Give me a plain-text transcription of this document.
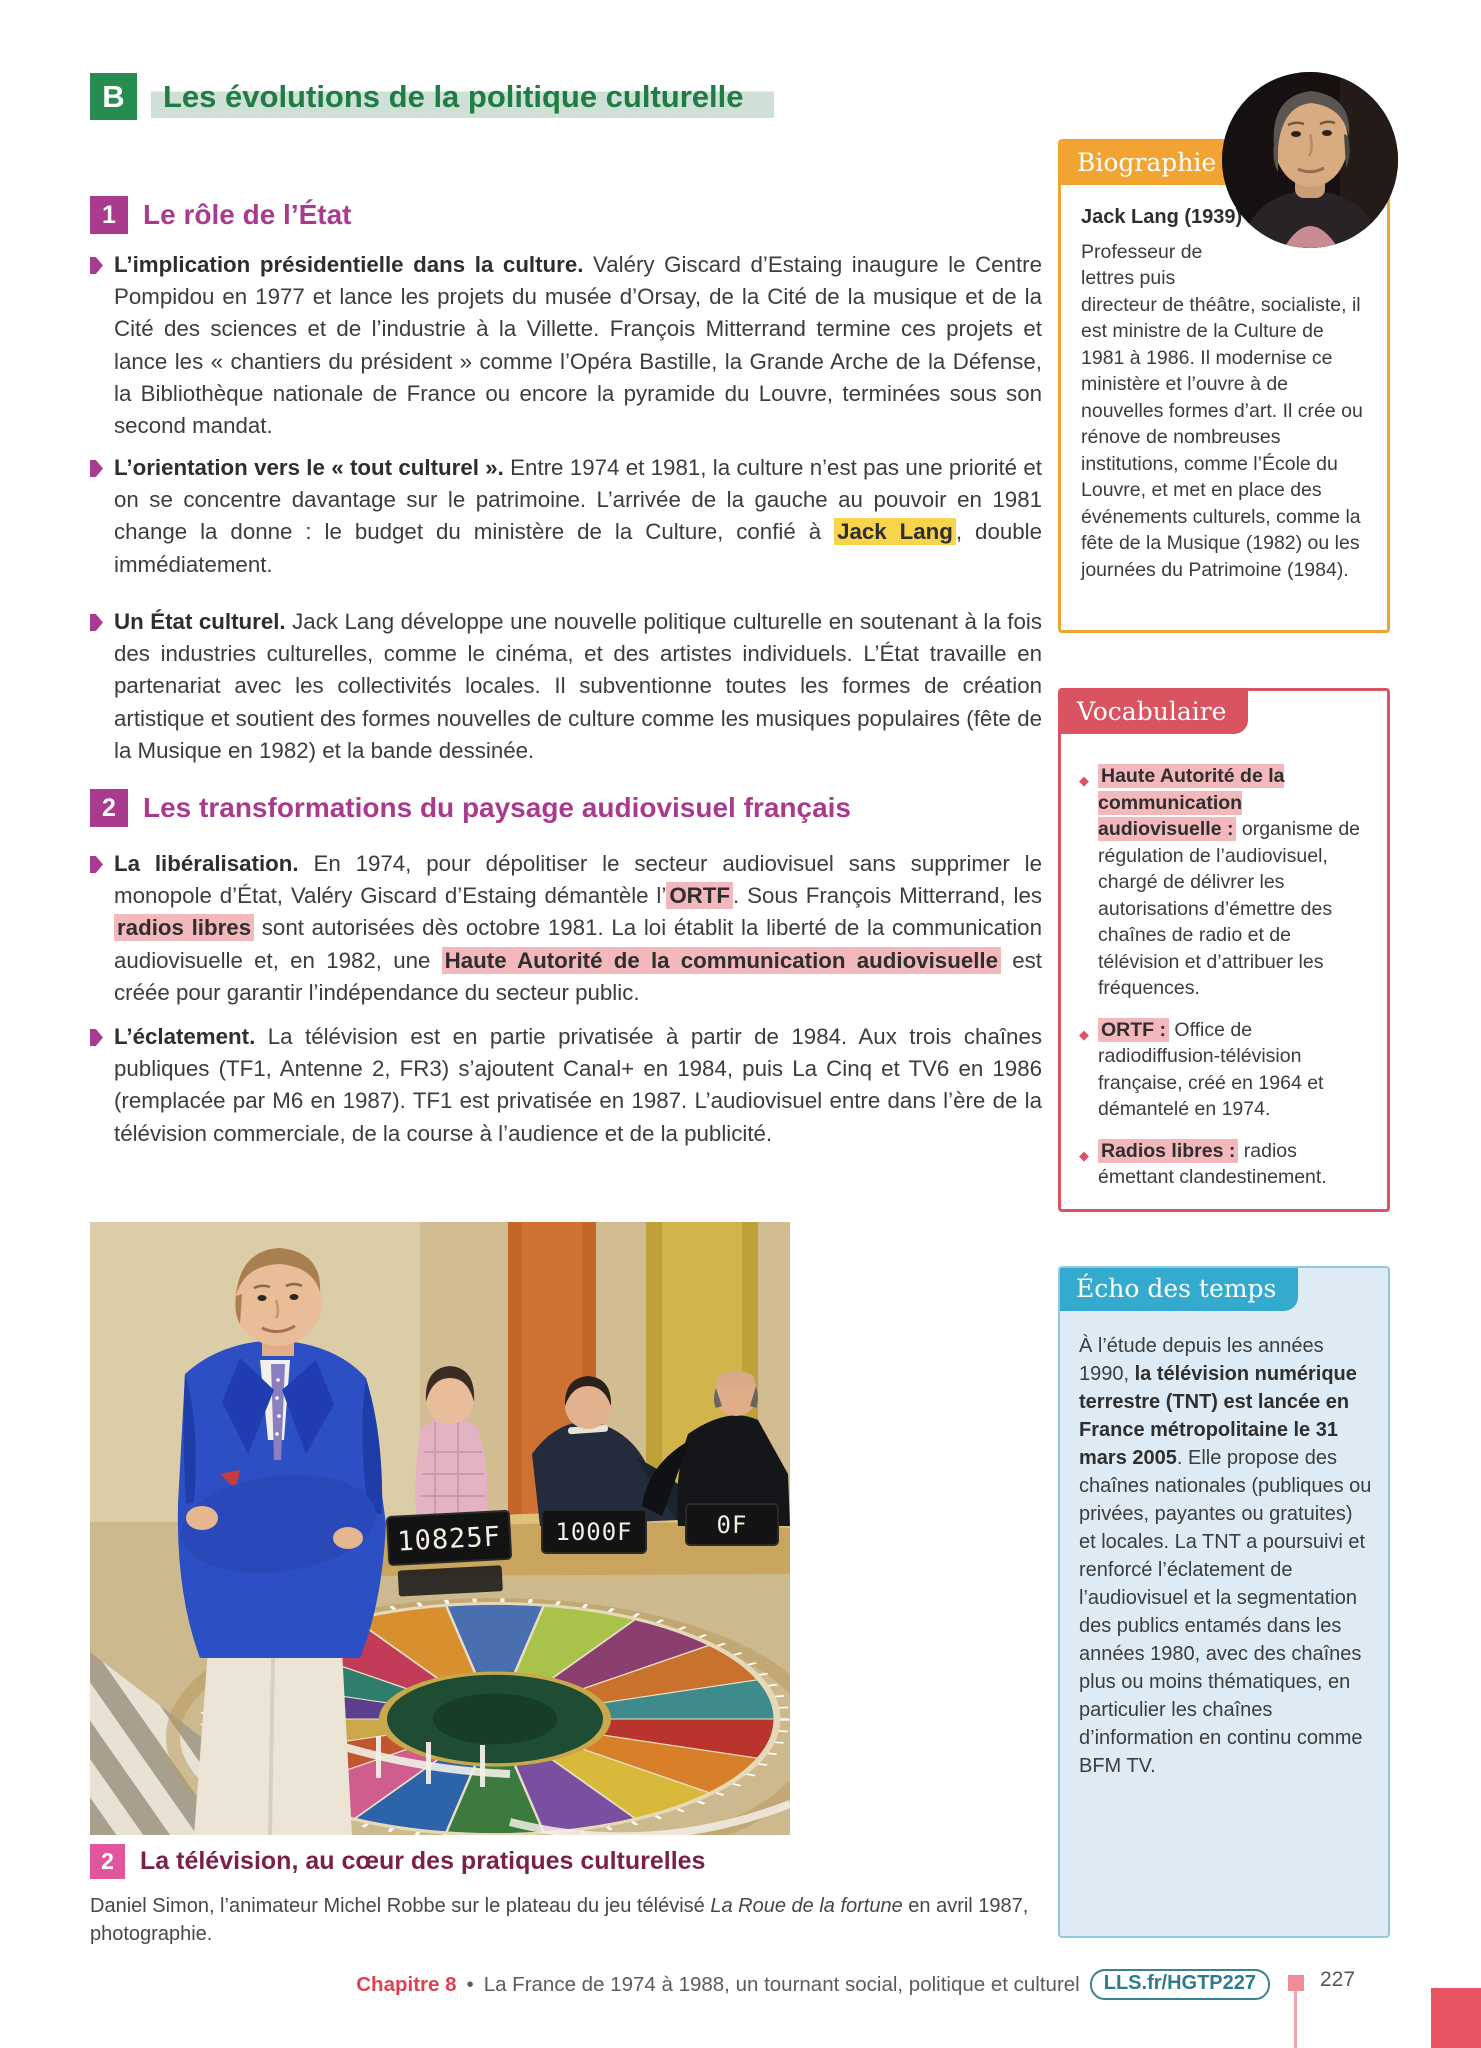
B	Les évolutions de la politique culturelle
1 Le rôle de l’État

L’implication présidentielle dans la culture. Valéry Giscard d’Estaing inaugure le Centre Pompidou en 1977 et lance les projets du musée d’Orsay, de la Cité de la musique et de la Cité des sciences et de l’industrie à la Villette. François Mitterrand termine ces projets et lance les « chantiers du président » comme l’Opéra Bastille, la Grande Arche de la Défense, la Bibliothèque nationale de France ou encore la pyramide du Louvre, terminées sous son second mandat.

L’orientation vers le « tout culturel ». Entre 1974 et 1981, la culture n’est pas une priorité et on se concentre davantage sur le patrimoine. L’arrivée de la gauche au pouvoir en 1981 change la donne : le budget du ministère de la Culture, confié à Jack Lang , double immédiatement.

Un État culturel. Jack Lang développe une nouvelle politique culturelle en soutenant à la fois des industries culturelles, comme le cinéma, et des artistes individuels. L’État travaille en partenariat avec les collectivités locales. Il subventionne toutes les formes de création artistique et soutient des formes nouvelles de culture comme les musiques populaires (fête de la Musique en 1982) et la bande dessinée.

2 Les transformations du paysage audiovisuel français

La libéralisation. En 1974, pour dépolitiser le secteur audiovisuel sans supprimer le monopole d’État, Valéry Giscard d’Estaing démantèle l’ ORTF . Sous François Mitterrand, les radios libres sont autorisées dès octobre 1981. La loi établit la liberté de la communication audiovisuelle et, en 1982, une Haute Autorité de la communication audiovisuelle est créée pour garantir l’indépendance du secteur public.

L’éclatement. La télévision est en partie privatisée à partir de 1984. Aux trois chaînes publiques (TF1, Antenne 2, FR3) s’ajoutent Canal+ en 1984, puis La Cinq et TV6 en 1986 (remplacée par M6 en 1987). TF1 est privatisée en 1987. L’audiovisuel entre dans l’ère de la télévision commerciale, de la course à l’audience et de la publicité.

Biographie

Jack Lang (1939)

Professeur de lettres puis directeur de théâtre, socialiste, il est ministre de la Culture de 1981 à 1986. Il modernise ce ministère et l’ouvre à de nouvelles formes d’art. Il crée ou rénove de nombreuses institutions, comme l’École du Louvre, et met en place des événements culturels, comme la fête de la Musique (1982) ou les journées du Patrimoine (1984).

Vocabulaire
◆ Haute Autorité de la communication audiovisuelle : organisme de régulation de l’audiovisuel, chargé de délivrer les autorisations d’émettre des chaînes de radio et de télévision et d’attribuer les fréquences.

◆ ORTF : Office de radiodiffusion-télévision française, créé en 1964 et démantelé en 1974.

◆ Radios libres : radios émettant clandestinement.

Écho des temps

À l’étude depuis les années 1990, la télévision numérique terrestre (TNT) est lancée en France métropolitaine le 31 mars 2005. Elle propose des chaînes nationales (publiques ou privées, payantes ou gratuites) et locales. La TNT a poursuivi et renforcé l’éclatement de l’audiovisuel et la segmentation des publics entamés dans les années 1980, avec des chaînes plus ou moins thématiques, en particulier les chaînes d’information en continu comme BFM TV.

10825F 1000F	0F
2	La télévision, au cœur des pratiques culturelles

Daniel Simon, l’animateur Michel Robbe sur le plateau du jeu télévisé La Roue de la fortune en avril 1987, photographie.

Chapitre 8 • La France de 1974 à 1988, un tournant social, politique et culturel	LLS.fr/HGTP227	227
